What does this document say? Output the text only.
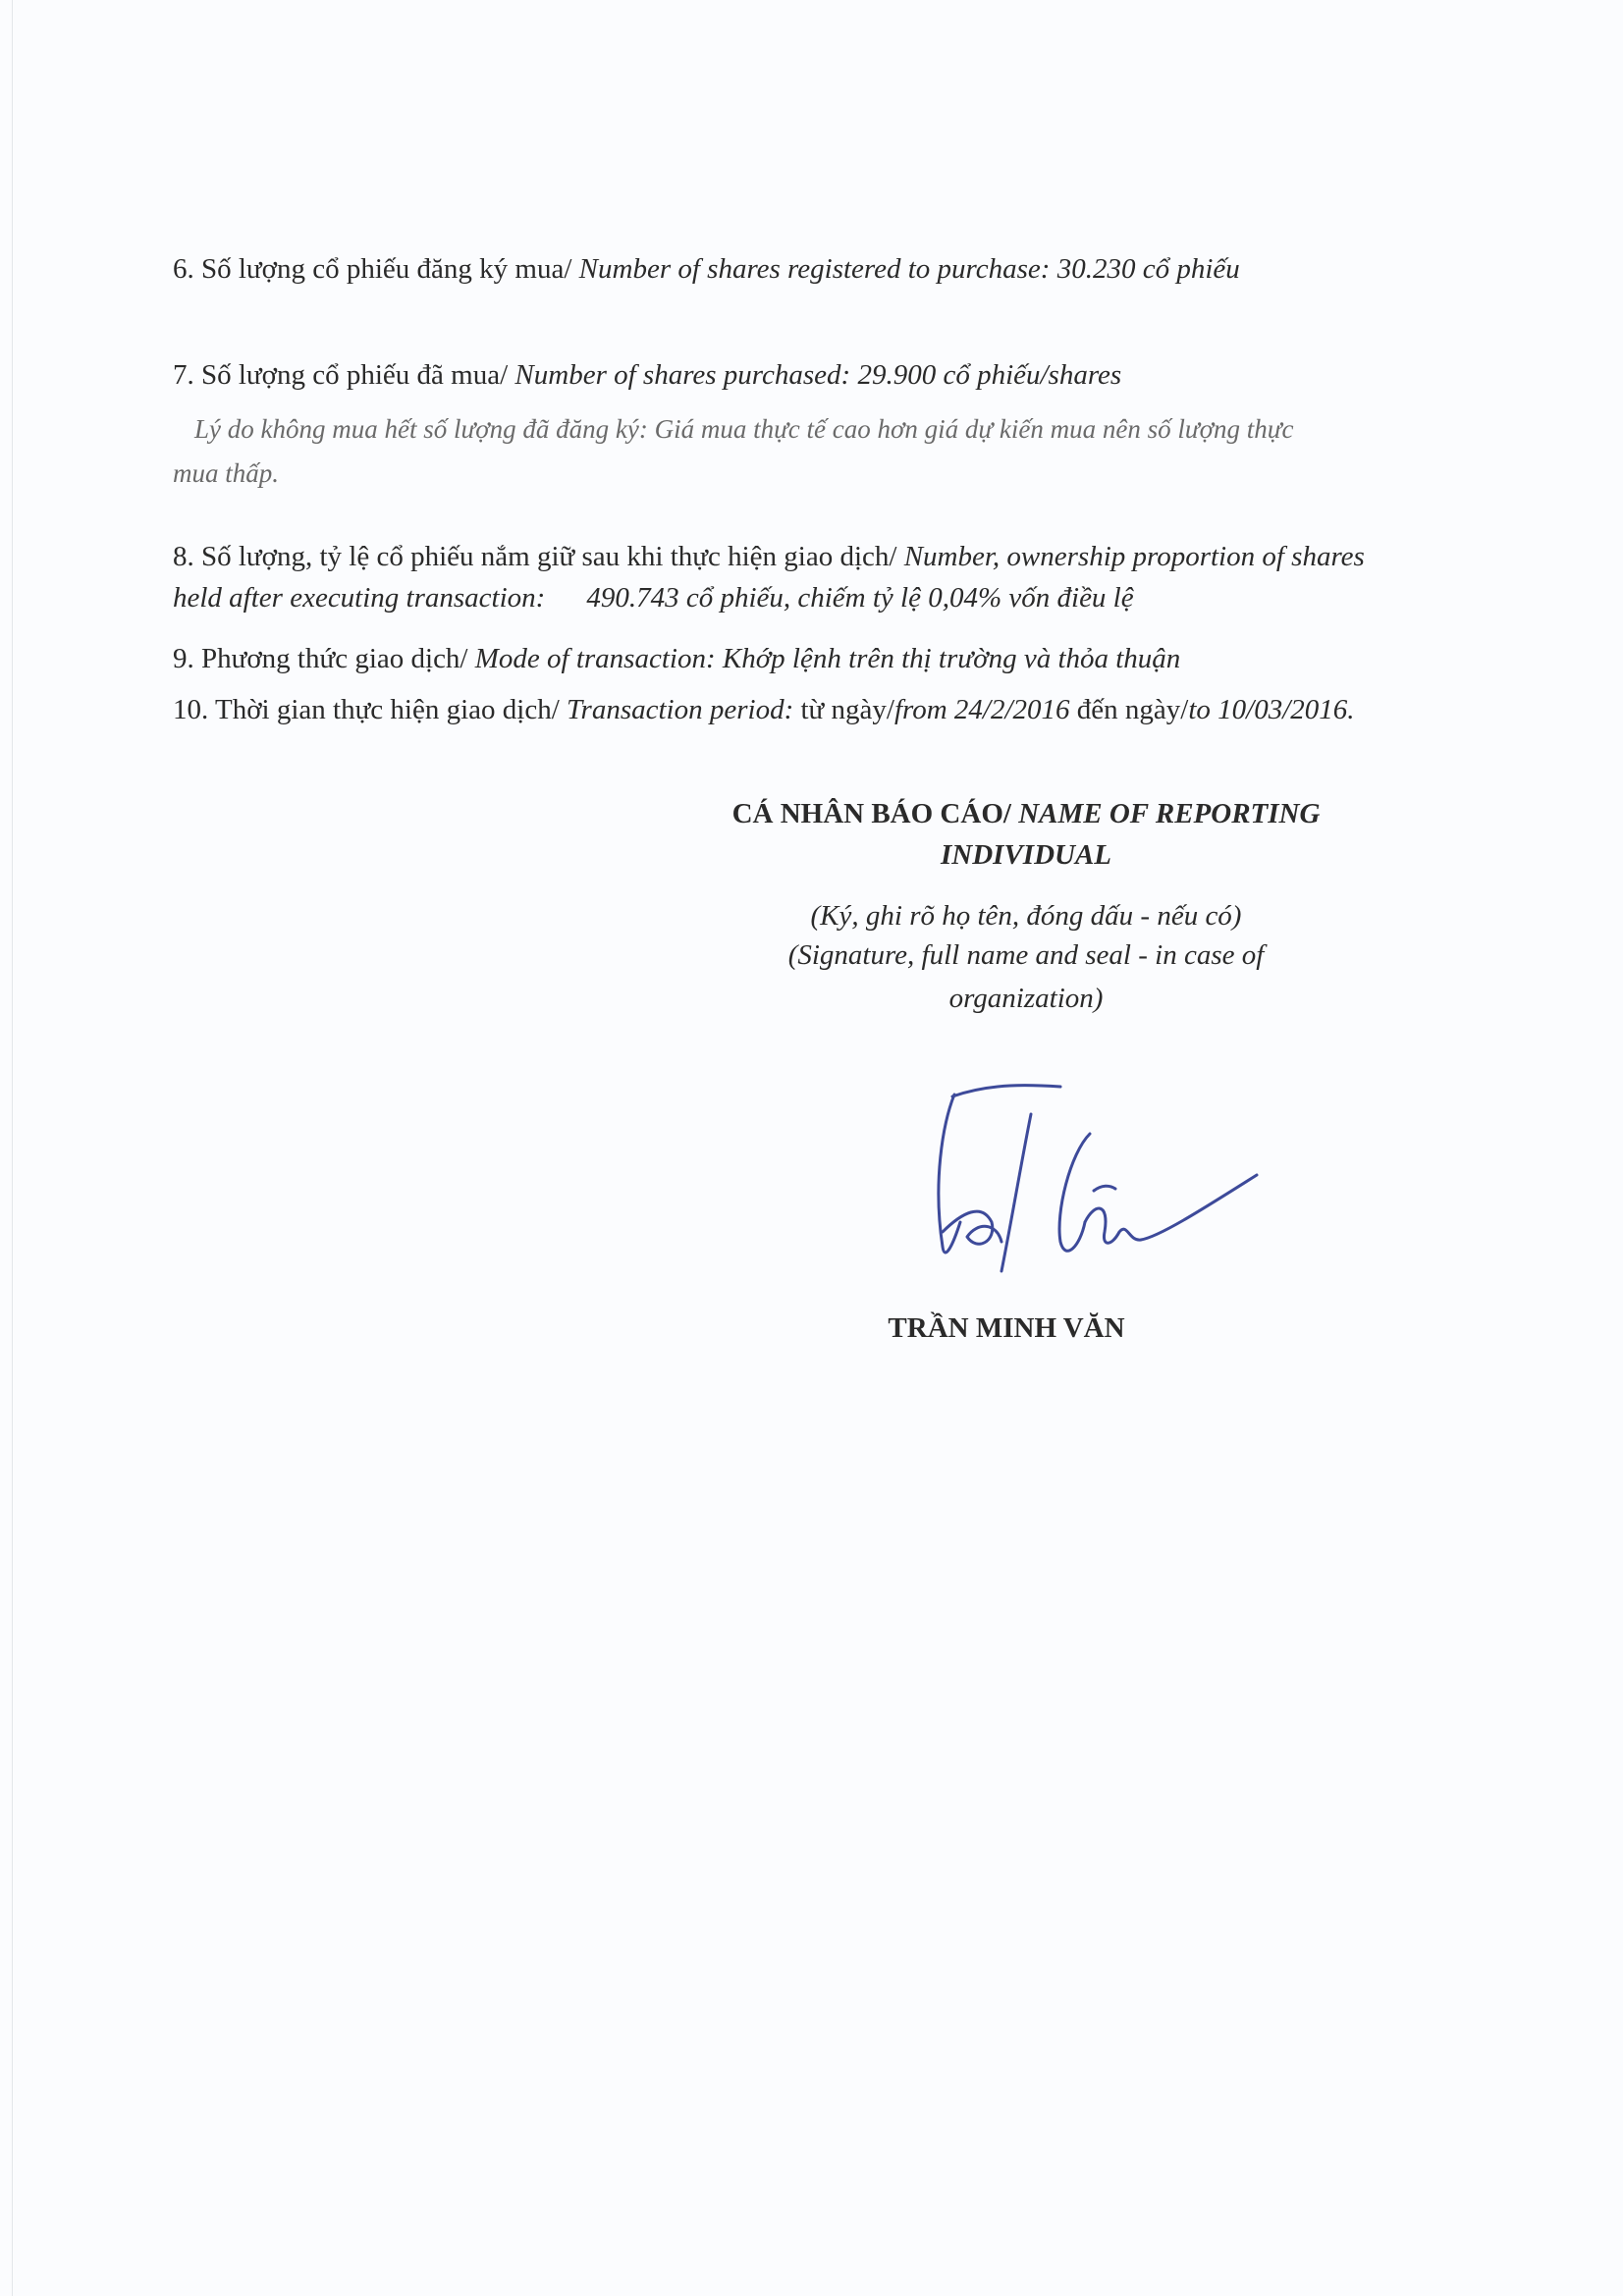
6. Số lượng cổ phiếu đăng ký mua/ Number of shares registered to purchase: 30.230 cổ phiếu
7. Số lượng cổ phiếu đã mua/ Number of shares purchased: 29.900 cổ phiếu/shares
Lý do không mua hết số lượng đã đăng ký: Giá mua thực tế cao hơn giá dự kiến mua nên số lượng thực
mua thấp.
8. Số lượng, tỷ lệ cổ phiếu nắm giữ sau khi thực hiện giao dịch/ Number, ownership proportion of shares
held after executing transaction: 490.743 cổ phiếu, chiếm tỷ lệ 0,04% vốn điều lệ
9. Phương thức giao dịch/ Mode of transaction: Khớp lệnh trên thị trường và thỏa thuận
10. Thời gian thực hiện giao dịch/ Transaction period: từ ngày/from 24/2/2016 đến ngày/to 10/03/2016.
CÁ NHÂN BÁO CÁO/ NAME OF REPORTING
INDIVIDUAL
(Ký, ghi rõ họ tên, đóng dấu - nếu có)
(Signature, full name and seal - in case of
organization)
TRẦN MINH VĂN
